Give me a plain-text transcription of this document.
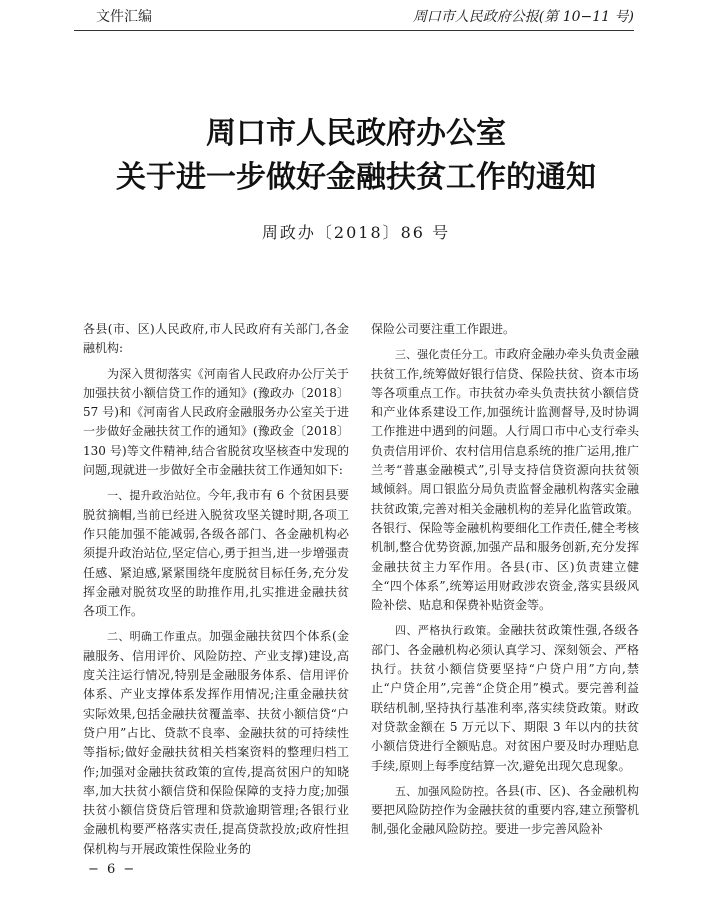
文件汇编	周口市人民政府公报(第 10−11 号)
周口市人民政府办公室
关于进一步做好金融扶贫工作的通知
周政办〔2018〕86 号

各县(市、区)人民政府,市人民政府有关部门,各金融机构:

为深入贯彻落实《河南省人民政府办公厅关于加强扶贫小额信贷工作的通知》(豫政办〔2018〕57 号)和《河南省人民政府金融服务办公室关于进一步做好金融扶贫工作的通知》(豫政金〔2018〕130 号)等文件精神,结合省脱贫攻坚核查中发现的问题,现就进一步做好全市金融扶贫工作通知如下:

一、提升政治站位。今年,我市有 6 个贫困县要脱贫摘帽,当前已经进入脱贫攻坚关键时期,各项工作只能加强不能减弱,各级各部门、各金融机构必须提升政治站位,坚定信心,勇于担当,进一步增强责任感、紧迫感,紧紧围绕年度脱贫目标任务,充分发挥金融对脱贫攻坚的助推作用,扎实推进金融扶贫各项工作。

二、明确工作重点。加强金融扶贫四个体系(金融服务、信用评价、风险防控、产业支撑)建设,高度关注运行情况,特别是金融服务体系、信用评价体系、产业支撑体系发挥作用情况;注重金融扶贫实际效果,包括金融扶贫覆盖率、扶贫小额信贷“户贷户用”占比、贷款不良率、金融扶贫的可持续性等指标;做好金融扶贫相关档案资料的整理归档工作;加强对金融扶贫政策的宣传,提高贫困户的知晓率,加大扶贫小额信贷和保险保障的支持力度;加强扶贫小额信贷贷后管理和贷款逾期管理;各银行业金融机构要严格落实责任,提高贷款投放;政府性担保机构与开展政策性保险业务的

保险公司要注重工作跟进。

三、强化责任分工。市政府金融办牵头负责金融扶贫工作,统筹做好银行信贷、保险扶贫、资本市场等各项重点工作。市扶贫办牵头负责扶贫小额信贷和产业体系建设工作,加强统计监测督导,及时协调工作推进中遇到的问题。人行周口市中心支行牵头负责信用评价、农村信用信息系统的推广运用,推广兰考“普惠金融模式”,引导支持信贷资源向扶贫领域倾斜。周口银监分局负责监督金融机构落实金融扶贫政策,完善对相关金融机构的差异化监管政策。各银行、保险等金融机构要细化工作责任,健全考核机制,整合优势资源,加强产品和服务创新,充分发挥金融扶贫主力军作用。各县(市、区)负责建立健全“四个体系”,统筹运用财政涉农资金,落实县级风险补偿、贴息和保费补贴资金等。

四、严格执行政策。金融扶贫政策性强,各级各部门、各金融机构必须认真学习、深刻领会、严格执行。扶贫小额信贷要坚持“户贷户用”方向,禁止“户贷企用”,完善“企贷企用”模式。要完善利益联结机制,坚持执行基准利率,落实续贷政策。财政对贷款金额在 5 万元以下、期限 3 年以内的扶贫小额信贷进行全额贴息。对贫困户要及时办理贴息手续,原则上每季度结算一次,避免出现欠息现象。

五、加强风险防控。各县(市、区)、各金融机构要把风险防控作为金融扶贫的重要内容,建立预警机制,强化金融风险防控。要进一步完善风险补

− 6 −
